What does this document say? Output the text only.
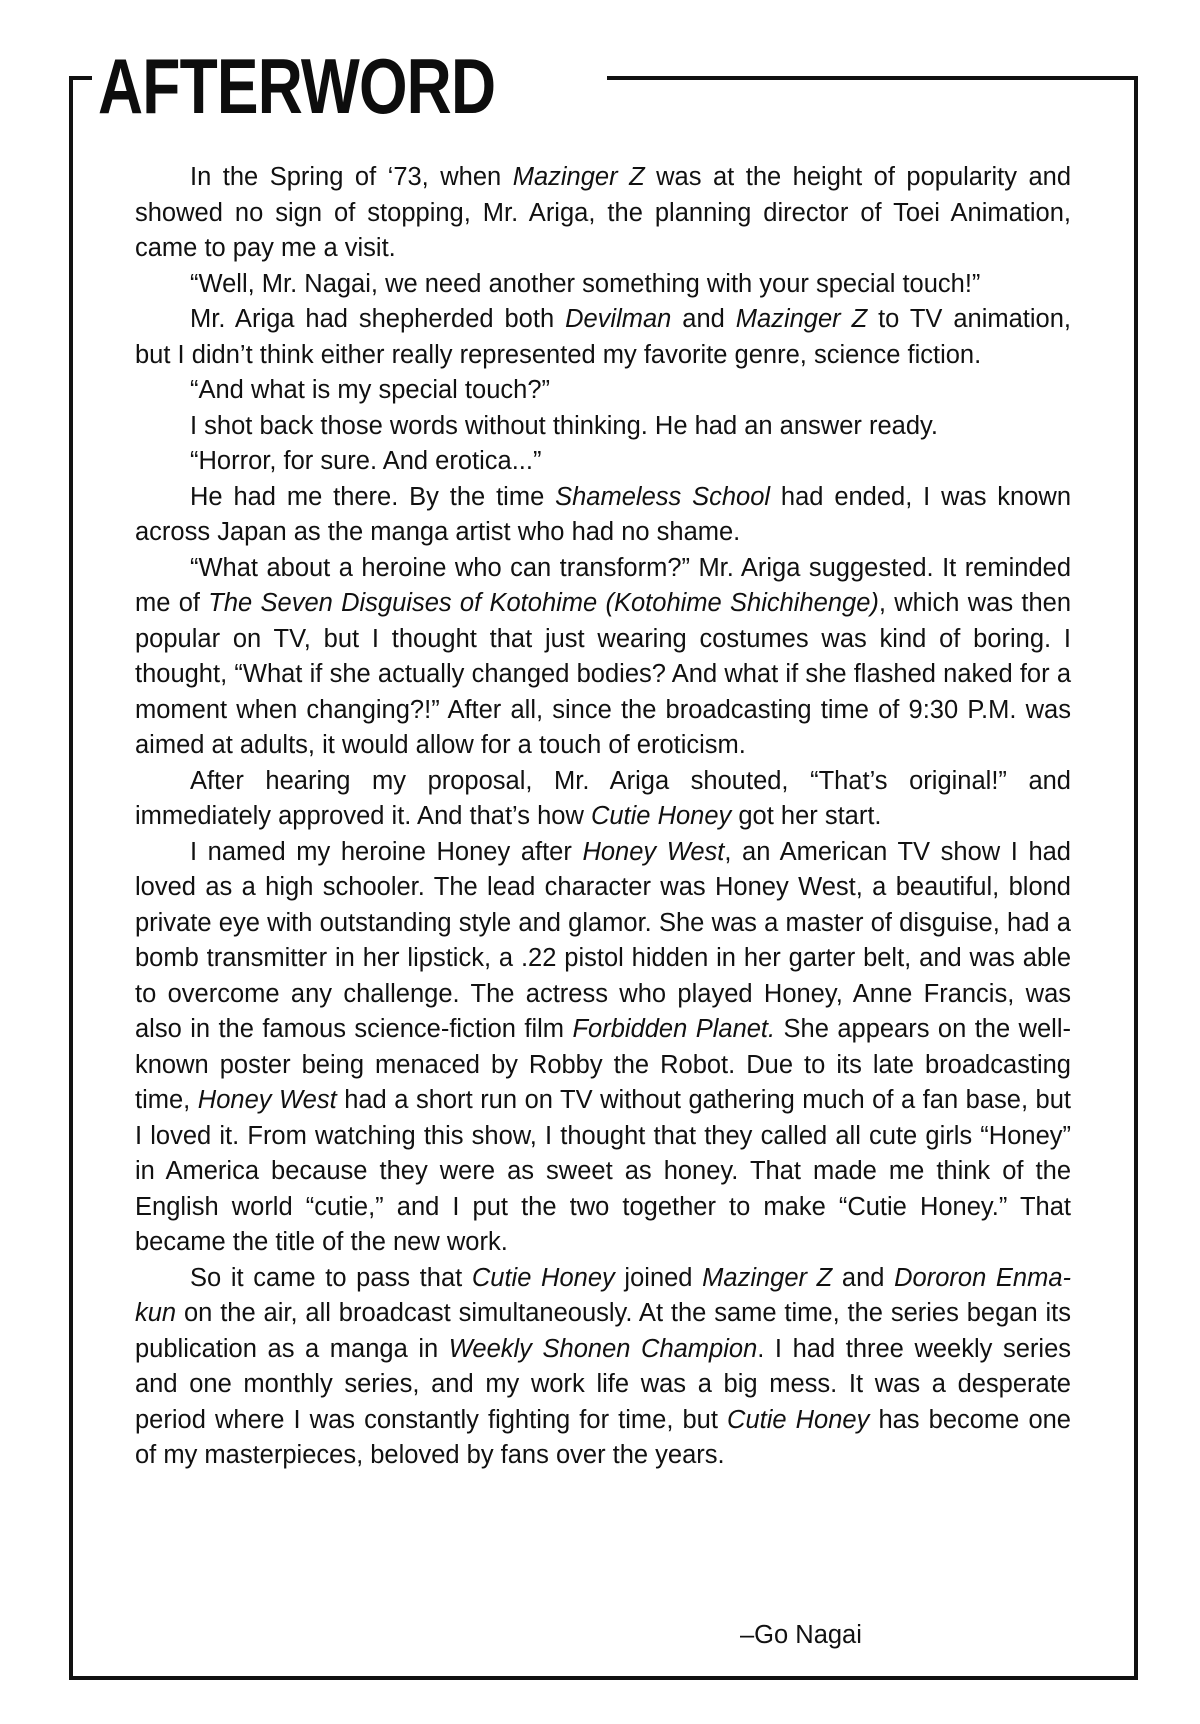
AFTERWORD

In the Spring of ‘73, when Mazinger Z was at the height of popularity and showed no sign of stopping, Mr. Ariga, the planning director of Toei Animation, came to pay me a visit.

“Well, Mr. Nagai, we need another something with your special touch!”

Mr. Ariga had shepherded both Devilman and Mazinger Z to TV animation, but I didn’t think either really represented my favorite genre, science fiction.

“And what is my special touch?”

I shot back those words without thinking. He had an answer ready.

“Horror, for sure. And erotica...”

He had me there. By the time Shameless School had ended, I was known across Japan as the manga artist who had no shame.

“What about a heroine who can transform?” Mr. Ariga suggested. It reminded me of The Seven Disguises of Kotohime (Kotohime Shichihenge), which was then popular on TV, but I thought that just wearing costumes was kind of boring. I thought, “What if she actually changed bodies? And what if she flashed naked for a moment when changing?!” After all, since the broadcasting time of 9:30 P.M. was aimed at adults, it would allow for a touch of eroticism.

After hearing my proposal, Mr. Ariga shouted, “That’s original!” and immediately approved it. And that’s how Cutie Honey got her start.

I named my heroine Honey after Honey West, an American TV show I had loved as a high schooler. The lead character was Honey West, a beautiful, blond private eye with outstanding style and glamor. She was a master of disguise, had a bomb transmitter in her lipstick, a .22 pistol hidden in her garter belt, and was able to overcome any challenge. The actress who played Honey, Anne Francis, was also in the famous science-fiction film Forbidden Planet. She appears on the well-known poster being menaced by Robby the Robot. Due to its late broadcasting time, Honey West had a short run on TV without gathering much of a fan base, but I loved it. From watching this show, I thought that they called all cute girls “Honey” in America because they were as sweet as honey. That made me think of the English world “cutie,” and I put the two together to make “Cutie Honey.” That became the title of the new work.

So it came to pass that Cutie Honey joined Mazinger Z and Dororon Enma-kun on the air, all broadcast simultaneously. At the same time, the series began its publication as a manga in Weekly Shonen Champion. I had three weekly series and one monthly series, and my work life was a big mess. It was a desperate period where I was constantly fighting for time, but Cutie Honey has become one of my masterpieces, beloved by fans over the years.

–Go Nagai
